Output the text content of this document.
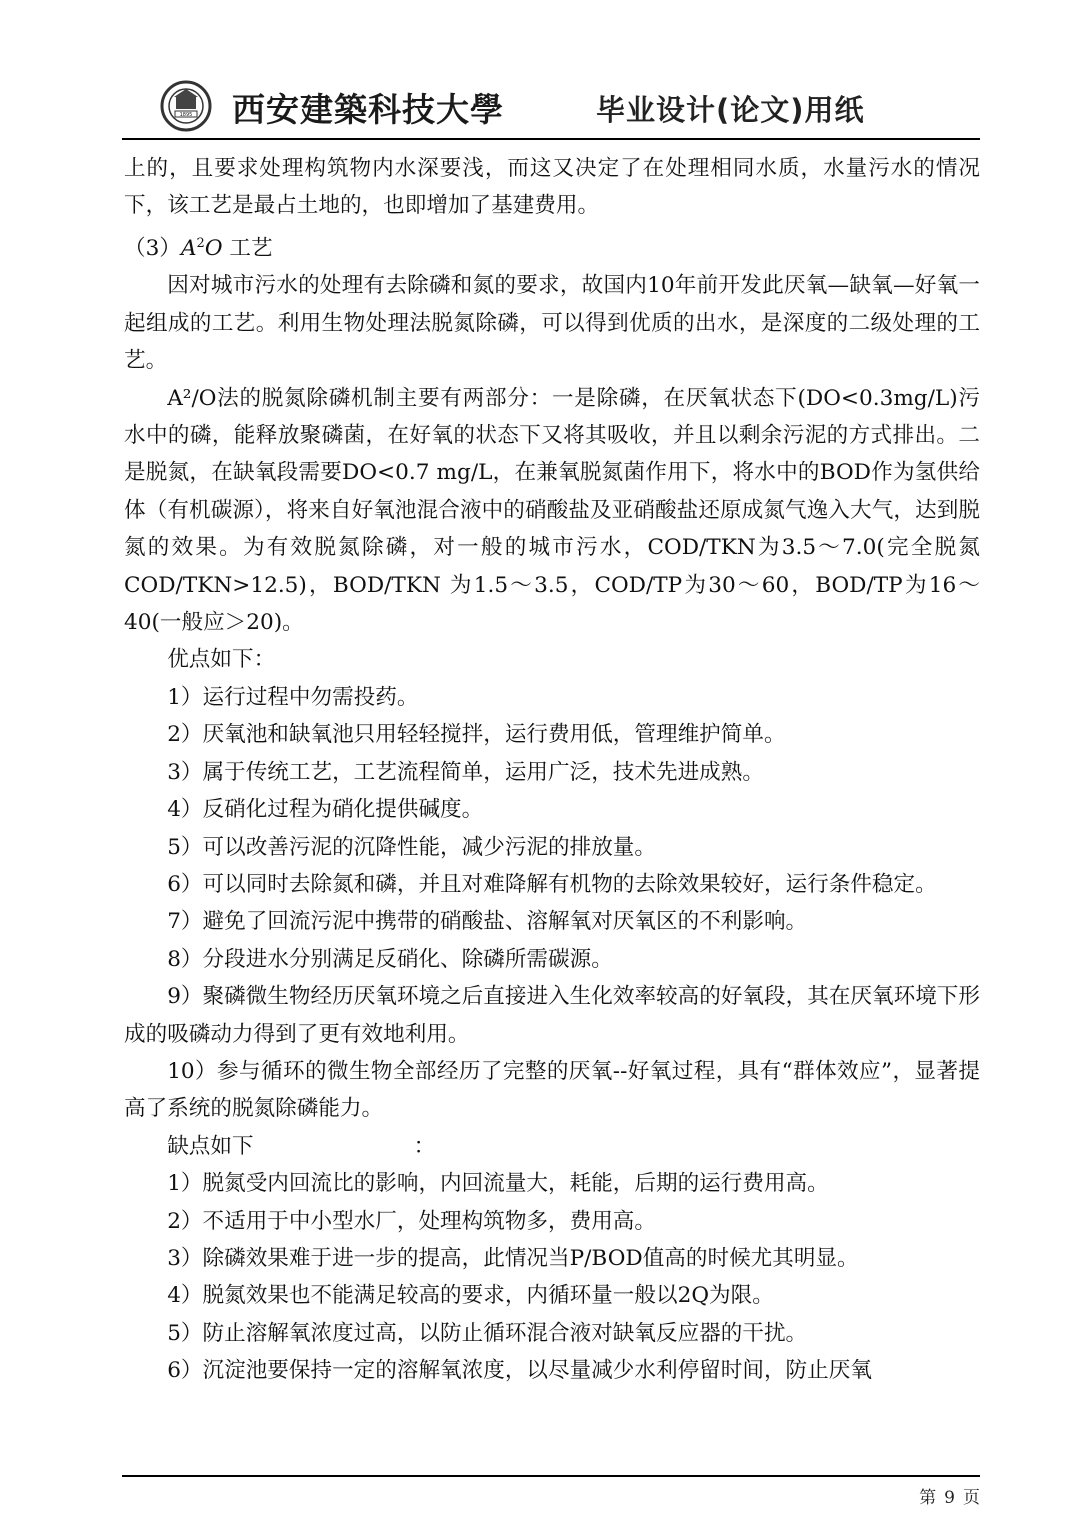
1895 西安建築科技大學	毕业设计(论文)用纸

上的，且要求处理构筑物内水深要浅，而这又决定了在处理相同水质，水量污水的情况下，该工艺是最占土地的，也即增加了基建费用。

$(3)A^2O$ 工艺

因对城市污水的处理有去除磷和氮的要求，故国内10年前开发此厌氧—缺氧—好氧一起组成的工艺。利用生物处理法脱氮除磷，可以得到优质的出水，是深度的二级处理的工艺。

A²/O法的脱氮除磷机制主要有两部分：一是除磷，在厌氧状态下(DO<0.3mg/L)污水中的磷，能释放聚磷菌，在好氧的状态下又将其吸收，并且以剩余污泥的方式排出。二是脱氮，在缺氧段需要DO<0.7 mg/L，在兼氧脱氮菌作用下，将水中的BOD作为氢供给体（有机碳源），将来自好氧池混合液中的硝酸盐及亚硝酸盐还原成氮气逸入大气，达到脱氮的效果。为有效脱氮除磷，对一般的城市污水，COD/TKN为3.5～7.0(完全脱氮COD/TKN>12.5)，BOD/TKN 为1.5～3.5，COD/TP为30～60，BOD/TP为16～40(一般应＞20)。

优点如下：

1）运行过程中勿需投药。

2）厌氧池和缺氧池只用轻轻搅拌，运行费用低，管理维护简单。

3）属于传统工艺，工艺流程简单，运用广泛，技术先进成熟。

4）反硝化过程为硝化提供碱度。

5）可以改善污泥的沉降性能，减少污泥的排放量。

6）可以同时去除氮和磷，并且对难降解有机物的去除效果较好，运行条件稳定。

7）避免了回流污泥中携带的硝酸盐、溶解氧对厌氧区的不利影响。

8）分段进水分别满足反硝化、除磷所需碳源。

9）聚磷微生物经历厌氧环境之后直接进入生化效率较高的好氧段，其在厌氧环境下形成的吸磷动力得到了更有效地利用。

10）参与循环的微生物全部经历了完整的厌氧--好氧过程，具有“群体效应”，显著提高了系统的脱氮除磷能力。

缺点如下	：

1）脱氮受内回流比的影响，内回流量大，耗能，后期的运行费用高。

2）不适用于中小型水厂，处理构筑物多，费用高。

3）除磷效果难于进一步的提高，此情况当P/BOD值高的时候尤其明显。

4）脱氮效果也不能满足较高的要求，内循环量一般以2Q为限。

5）防止溶解氧浓度过高，以防止循环混合液对缺氧反应器的干扰。

6）沉淀池要保持一定的溶解氧浓度，以尽量减少水利停留时间，防止厌氧

第 9 页
